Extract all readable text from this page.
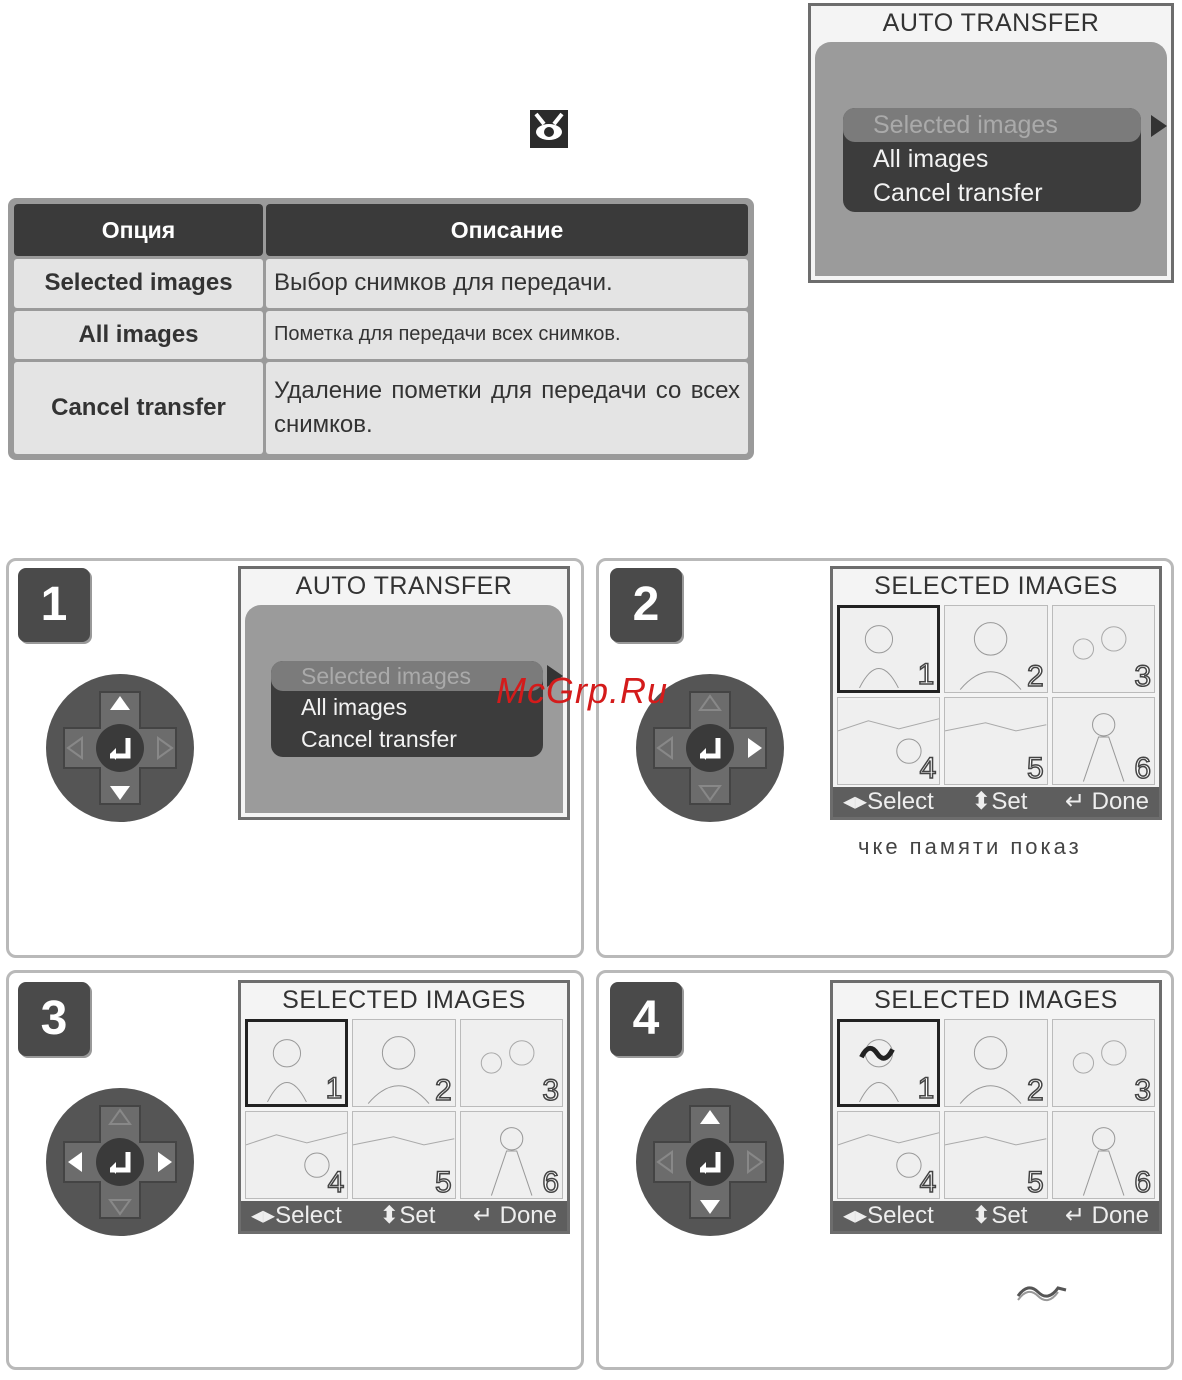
Опция	Описание
Selected images	Выбор снимков для передачи.
All images	Пометка для передачи всех снимков.
Cancel transfer	Удаление пометки для передачи со всех снимков.
AUTO TRANSFER
Selected images
All images
Cancel transfer
1	AUTO TRANSFER
Selected images
All images
Cancel transfer
2	SELECTED IMAGES
1	2	3
4	5	6
◂▸Select ⬍Set ↵ Done
чке памяти показ
3	SELECTED IMAGES
1	2	3
4	5	6
◂▸Select ⬍Set ↵ Done
4	SELECTED IMAGES
1	2	3
4	5	6
◂▸Select ⬍Set ↵ Done
McGrp.Ru
